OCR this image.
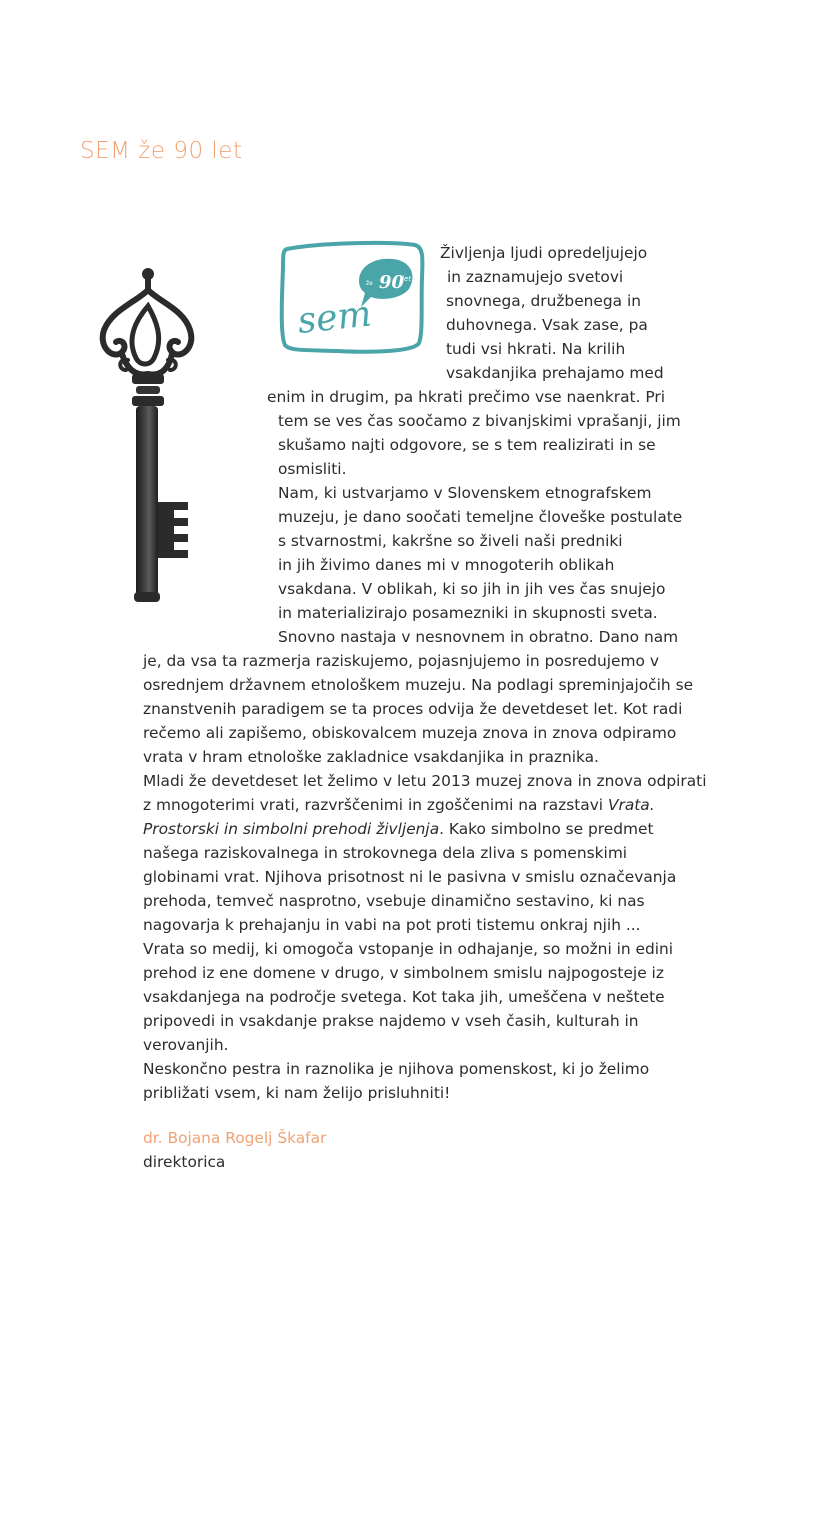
SEM že 90 let
90
že
let
sem

Življenja ljudi opredeljujejo

in zaznamujejo svetovi

snovnega, družbenega in

duhovnega. Vsak zase, pa

tudi vsi hkrati. Na krilih

vsakdanjika prehajamo med

enim in drugim, pa hkrati prečimo vse naenkrat. Pri

tem se ves čas soočamo z bivanjskimi vprašanji, jim

skušamo najti odgovore, se s tem realizirati in se

osmisliti.

Nam, ki ustvarjamo v Slovenskem etnografskem

muzeju, je dano soočati temeljne človeške postulate

s stvarnostmi, kakršne so živeli naši predniki

in jih živimo danes mi v mnogoterih oblikah

vsakdana. V oblikah, ki so jih in jih ves čas snujejo

in materializirajo posamezniki in skupnosti sveta.

Snovno nastaja v nesnovnem in obratno. Dano nam

je, da vsa ta razmerja raziskujemo, pojasnjujemo in posredujemo v

osrednjem državnem etnološkem muzeju. Na podlagi spreminjajočih se

znanstvenih paradigem se ta proces odvija že devetdeset let. Kot radi

rečemo ali zapišemo, obiskovalcem muzeja znova in znova odpiramo

vrata v hram etnološke zakladnice vsakdanjika in praznika.

Mladi že devetdeset let želimo v letu 2013 muzej znova in znova odpirati

z mnogoterimi vrati, razvrščenimi in zgoščenimi na razstavi Vrata.

Prostorski in simbolni prehodi življenja. Kako simbolno se predmet

našega raziskovalnega in strokovnega dela zliva s pomenskimi

globinami vrat. Njihova prisotnost ni le pasivna v smislu označevanja

prehoda, temveč nasprotno, vsebuje dinamično sestavino, ki nas

nagovarja k prehajanju in vabi na pot proti tistemu onkraj njih ...

Vrata so medij, ki omogoča vstopanje in odhajanje, so možni in edini

prehod iz ene domene v drugo, v simbolnem smislu najpogosteje iz

vsakdanjega na področje svetega. Kot taka jih, umeščena v neštete

pripovedi in vsakdanje prakse najdemo v vseh časih, kulturah in

verovanjih.

Neskončno pestra in raznolika je njihova pomenskost, ki jo želimo

približati vsem, ki nam želijo prisluhniti!

dr. Bojana Rogelj Škafar

direktorica
